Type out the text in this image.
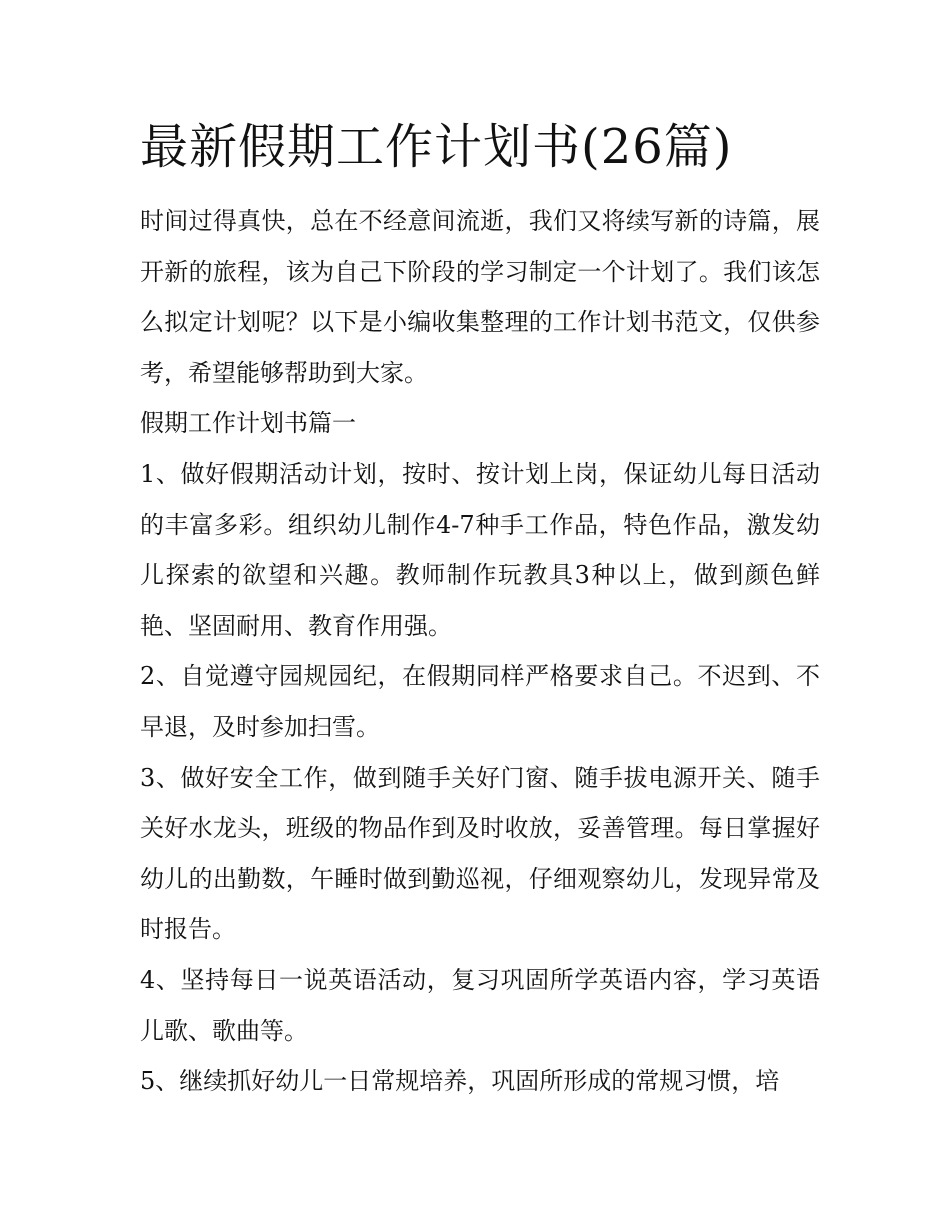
最新假期工作计划书(26篇)

时间过得真快，总在不经意间流逝，我们又将续写新的诗篇，展开新的旅程，该为自己下阶段的学习制定一个计划了。我们该怎么拟定计划呢？以下是小编收集整理的工作计划书范文，仅供参考，希望能够帮助到大家。

假期工作计划书篇一

1、做好假期活动计划，按时、按计划上岗，保证幼儿每日活动的丰富多彩。组织幼儿制作4-7种手工作品，特色作品，激发幼儿探索的欲望和兴趣。教师制作玩教具3种以上，做到颜色鲜艳、坚固耐用、教育作用强。

2、自觉遵守园规园纪，在假期同样严格要求自己。不迟到、不早退，及时参加扫雪。

3、做好安全工作，做到随手关好门窗、随手拔电源开关、随手关好水龙头，班级的物品作到及时收放，妥善管理。每日掌握好幼儿的出勤数，午睡时做到勤巡视，仔细观察幼儿，发现异常及时报告。

4、坚持每日一说英语活动，复习巩固所学英语内容，学习英语儿歌、歌曲等。

5、继续抓好幼儿一日常规培养，巩固所形成的常规习惯，培
